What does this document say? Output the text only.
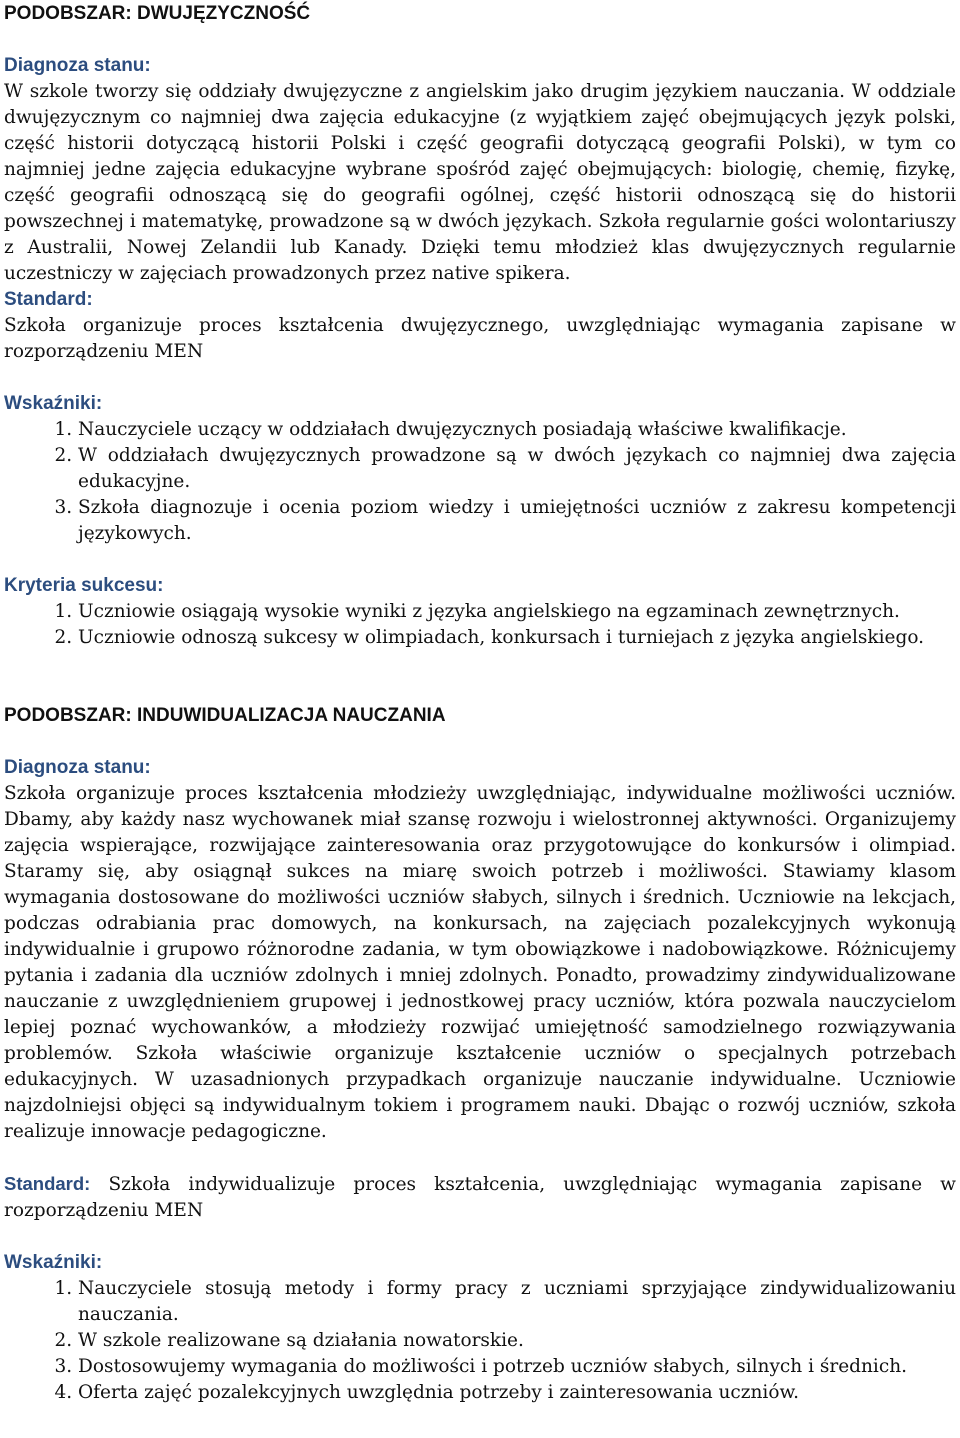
PODOBSZAR: DWUJĘZYCZNOŚĆ

Diagnoza stanu:

W szkole tworzy się oddziały dwujęzyczne z angielskim jako drugim językiem nauczania. W oddziale dwujęzycznym co najmniej dwa zajęcia edukacyjne (z wyjątkiem zajęć obejmujących język polski, część historii dotyczącą historii Polski i część geografii dotyczącą geografii Polski), w tym co najmniej jedne zajęcia edukacyjne wybrane spośród zajęć obejmujących: biologię, chemię, fizykę, część geografii odnoszącą się do geografii ogólnej, część historii odnoszącą się do historii powszechnej i matematykę, prowadzone są w dwóch językach. Szkoła regularnie gości wolontariuszy z Australii, Nowej Zelandii lub Kanady. Dzięki temu młodzież klas dwujęzycznych regularnie uczestniczy w zajęciach prowadzonych przez native spikera.

Standard:

Szkoła organizuje proces kształcenia dwujęzycznego, uwzględniając wymagania zapisane w rozporządzeniu MEN

Wskaźniki:

1. Nauczyciele uczący w oddziałach dwujęzycznych posiadają właściwe kwalifikacje.
2. W oddziałach dwujęzycznych prowadzone są w dwóch językach co najmniej dwa zajęcia edukacyjne.
3. Szkoła diagnozuje i ocenia poziom wiedzy i umiejętności uczniów z zakresu kompetencji językowych.

Kryteria sukcesu:

1. Uczniowie osiągają wysokie wyniki z języka angielskiego na egzaminach zewnętrznych.
2. Uczniowie odnoszą sukcesy w olimpiadach, konkursach i turniejach z języka angielskiego.

PODOBSZAR: INDUWIDUALIZACJA NAUCZANIA

Diagnoza stanu:

Szkoła organizuje proces kształcenia młodzieży uwzględniając, indywidualne możliwości uczniów. Dbamy, aby każdy nasz wychowanek miał szansę rozwoju i wielostronnej aktywności. Organizujemy zajęcia wspierające, rozwijające zainteresowania oraz przygotowujące do konkursów i olimpiad. Staramy się, aby osiągnął sukces na miarę swoich potrzeb i możliwości. Stawiamy klasom wymagania dostosowane do możliwości uczniów słabych, silnych i średnich. Uczniowie na lekcjach, podczas odrabiania prac domowych, na konkursach, na zajęciach pozalekcyjnych wykonują indywidualnie i grupowo różnorodne zadania, w tym obowiązkowe i nadobowiązkowe. Różnicujemy pytania i zadania dla uczniów zdolnych i mniej zdolnych. Ponadto, prowadzimy zindywidualizowane nauczanie z uwzględnieniem grupowej i jednostkowej pracy uczniów, która pozwala nauczycielom lepiej poznać wychowanków, a młodzieży rozwijać umiejętność samodzielnego rozwiązywania problemów. Szkoła właściwie organizuje kształcenie uczniów o specjalnych potrzebach edukacyjnych. W uzasadnionych przypadkach organizuje nauczanie indywidualne. Uczniowie najzdolniejsi objęci są indywidualnym tokiem i programem nauki. Dbając o rozwój uczniów, szkoła realizuje innowacje pedagogiczne.

Standard: Szkoła indywidualizuje proces kształcenia, uwzględniając wymagania zapisane w rozporządzeniu MEN

Wskaźniki:

1. Nauczyciele stosują metody i formy pracy z uczniami sprzyjające zindywidualizowaniu nauczania.
2. W szkole realizowane są działania nowatorskie.
3. Dostosowujemy wymagania do możliwości i potrzeb uczniów słabych, silnych i średnich.
4. Oferta zajęć pozalekcyjnych uwzględnia potrzeby i zainteresowania uczniów.
